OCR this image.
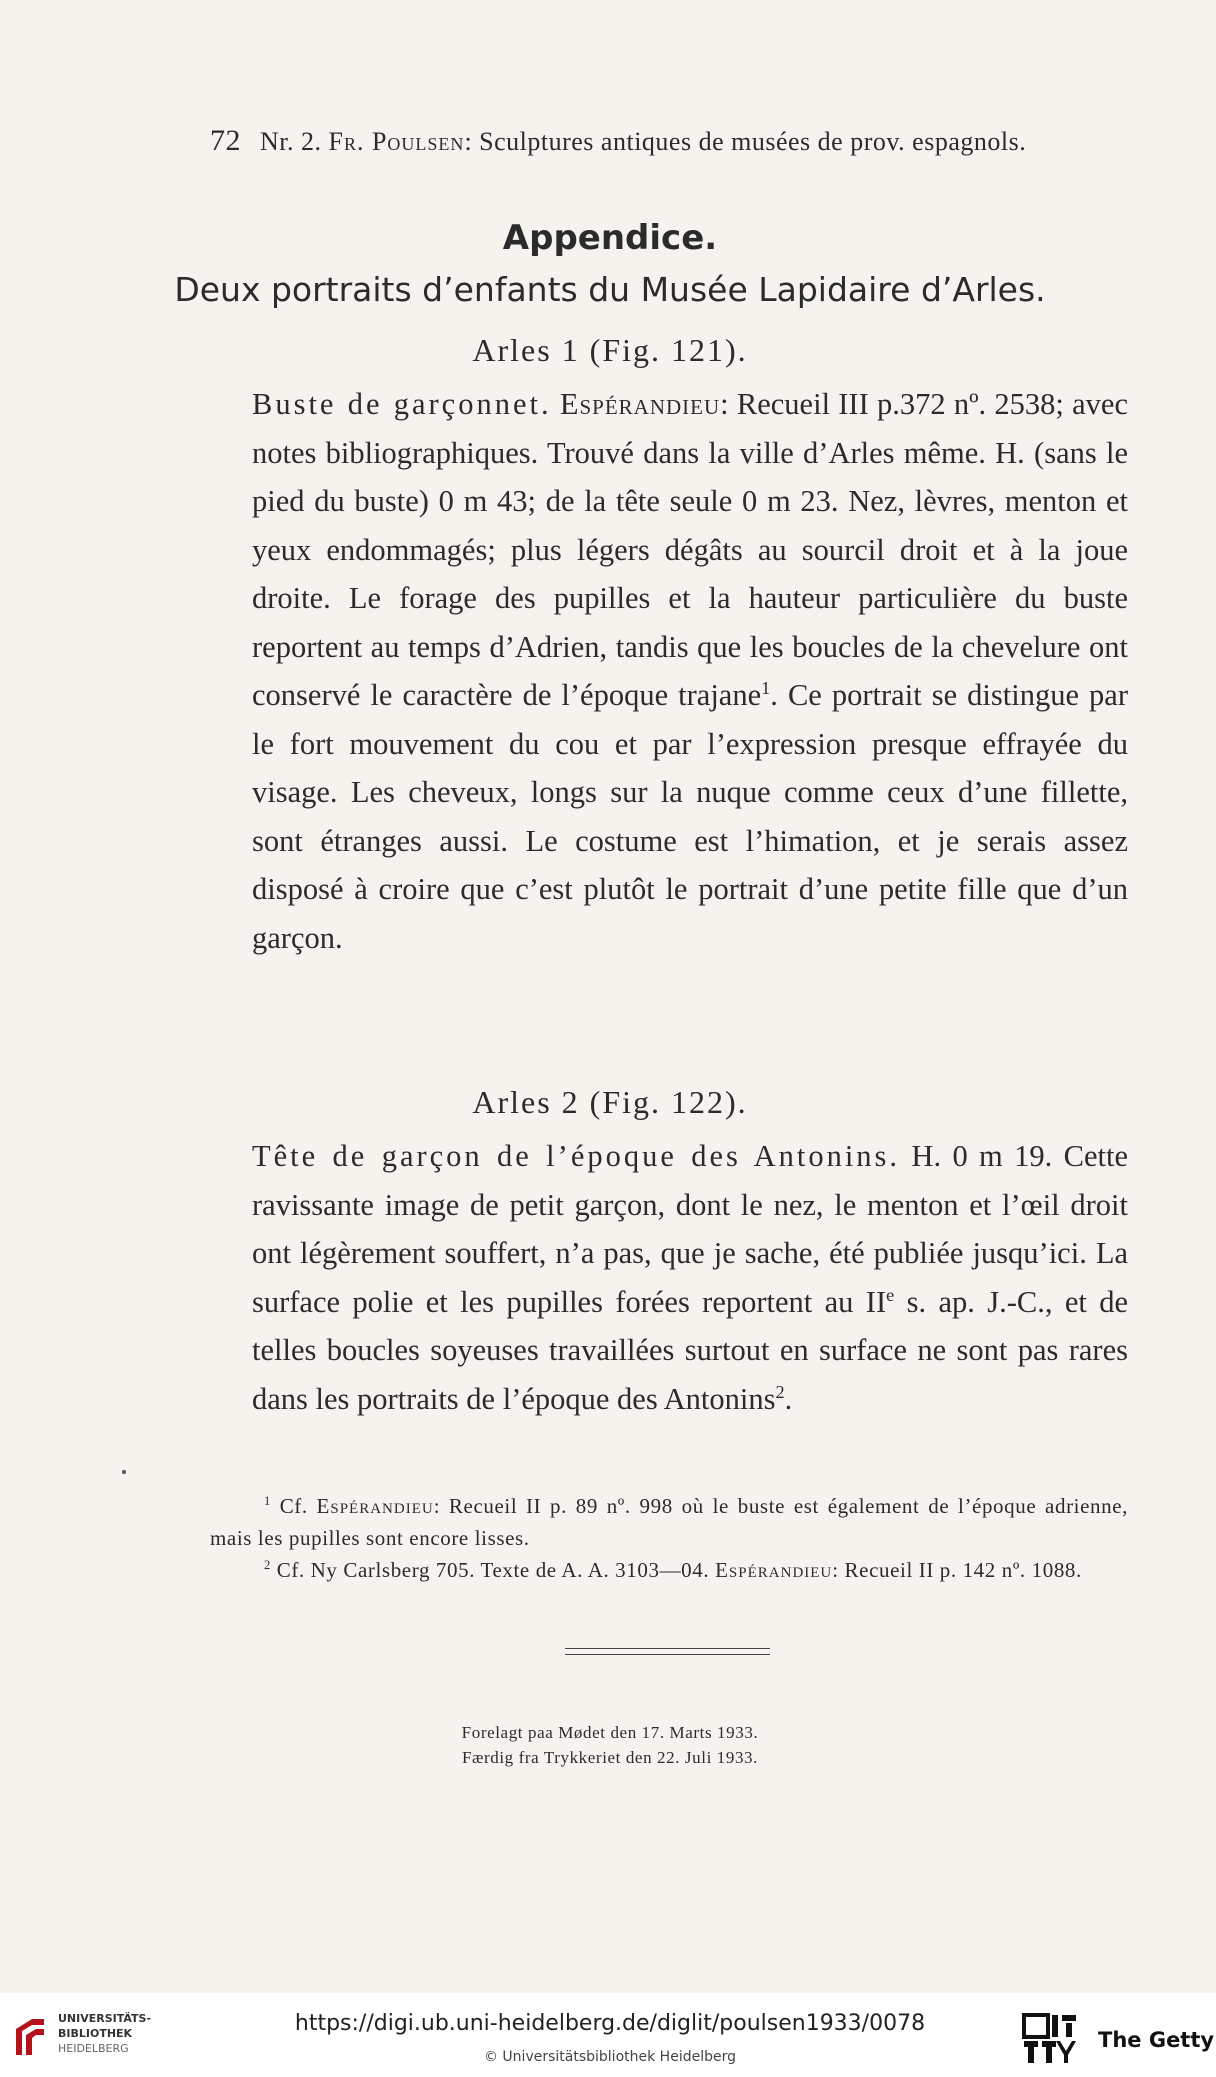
72 Nr. 2. Fr. Poulsen: Sculptures antiques de musées de prov. espagnols.
Appendice.
Deux portraits d’enfants du Musée Lapidaire d’Arles.
Arles 1 (Fig. 121).
Buste de garçonnet. Espérandieu: Recueil III p.372 nº. 2538; avec notes bibliographiques. Trouvé dans la ville d’Arles même. H. (sans le pied du buste) 0 m 43; de la tête seule 0 m 23. Nez, lèvres, menton et yeux endommagés; plus légers dégâts au sourcil droit et à la joue droite. Le forage des pupilles et la hauteur particulière du buste reportent au temps d’Adrien, tandis que les boucles de la chevelure ont conservé le caractère de l’époque trajane$^1$. Ce portrait se distingue par le fort mouvement du cou et par l’expression presque effrayée du visage. Les cheveux, longs sur la nuque comme ceux d’une fillette, sont étranges aussi. Le costume est l’himation, et je serais assez disposé à croire que c’est plutôt le portrait d’une petite fille que d’un garçon.
Arles 2 (Fig. 122).
Tête de garçon de l’époque des Antonins. H. 0 m 19. Cette ravissante image de petit garçon, dont le nez, le menton et l’œil droit ont légèrement souffert, n’a pas, que je sache, été publiée jusqu’ici. La surface polie et les pupilles forées reportent au IIe s. ap. J.-C., et de telles boucles soyeuses travaillées surtout en surface ne sont pas rares dans les portraits de l’époque des Antonins$^2$.

$^1$ Cf. Espérandieu: Recueil II p. 89 nº. 998 où le buste est également de l’époque adrienne, mais les pupilles sont encore lisses.

$^2$ Cf. Ny Carlsberg 705. Texte de A. A. 3103—04. Espérandieu: Recueil II p. 142 nº. 1088.

Forelagt paa Mødet den 17. Marts 1933.
Færdig fra Trykkeriet den 22. Juli 1933.
UNIVERSITÄTS-
BIBLIOTHEK
HEIDELBERG
https://digi.ub.uni-heidelberg.de/diglit/poulsen1933/0078
© Universitätsbibliothek Heidelberg
The Getty
